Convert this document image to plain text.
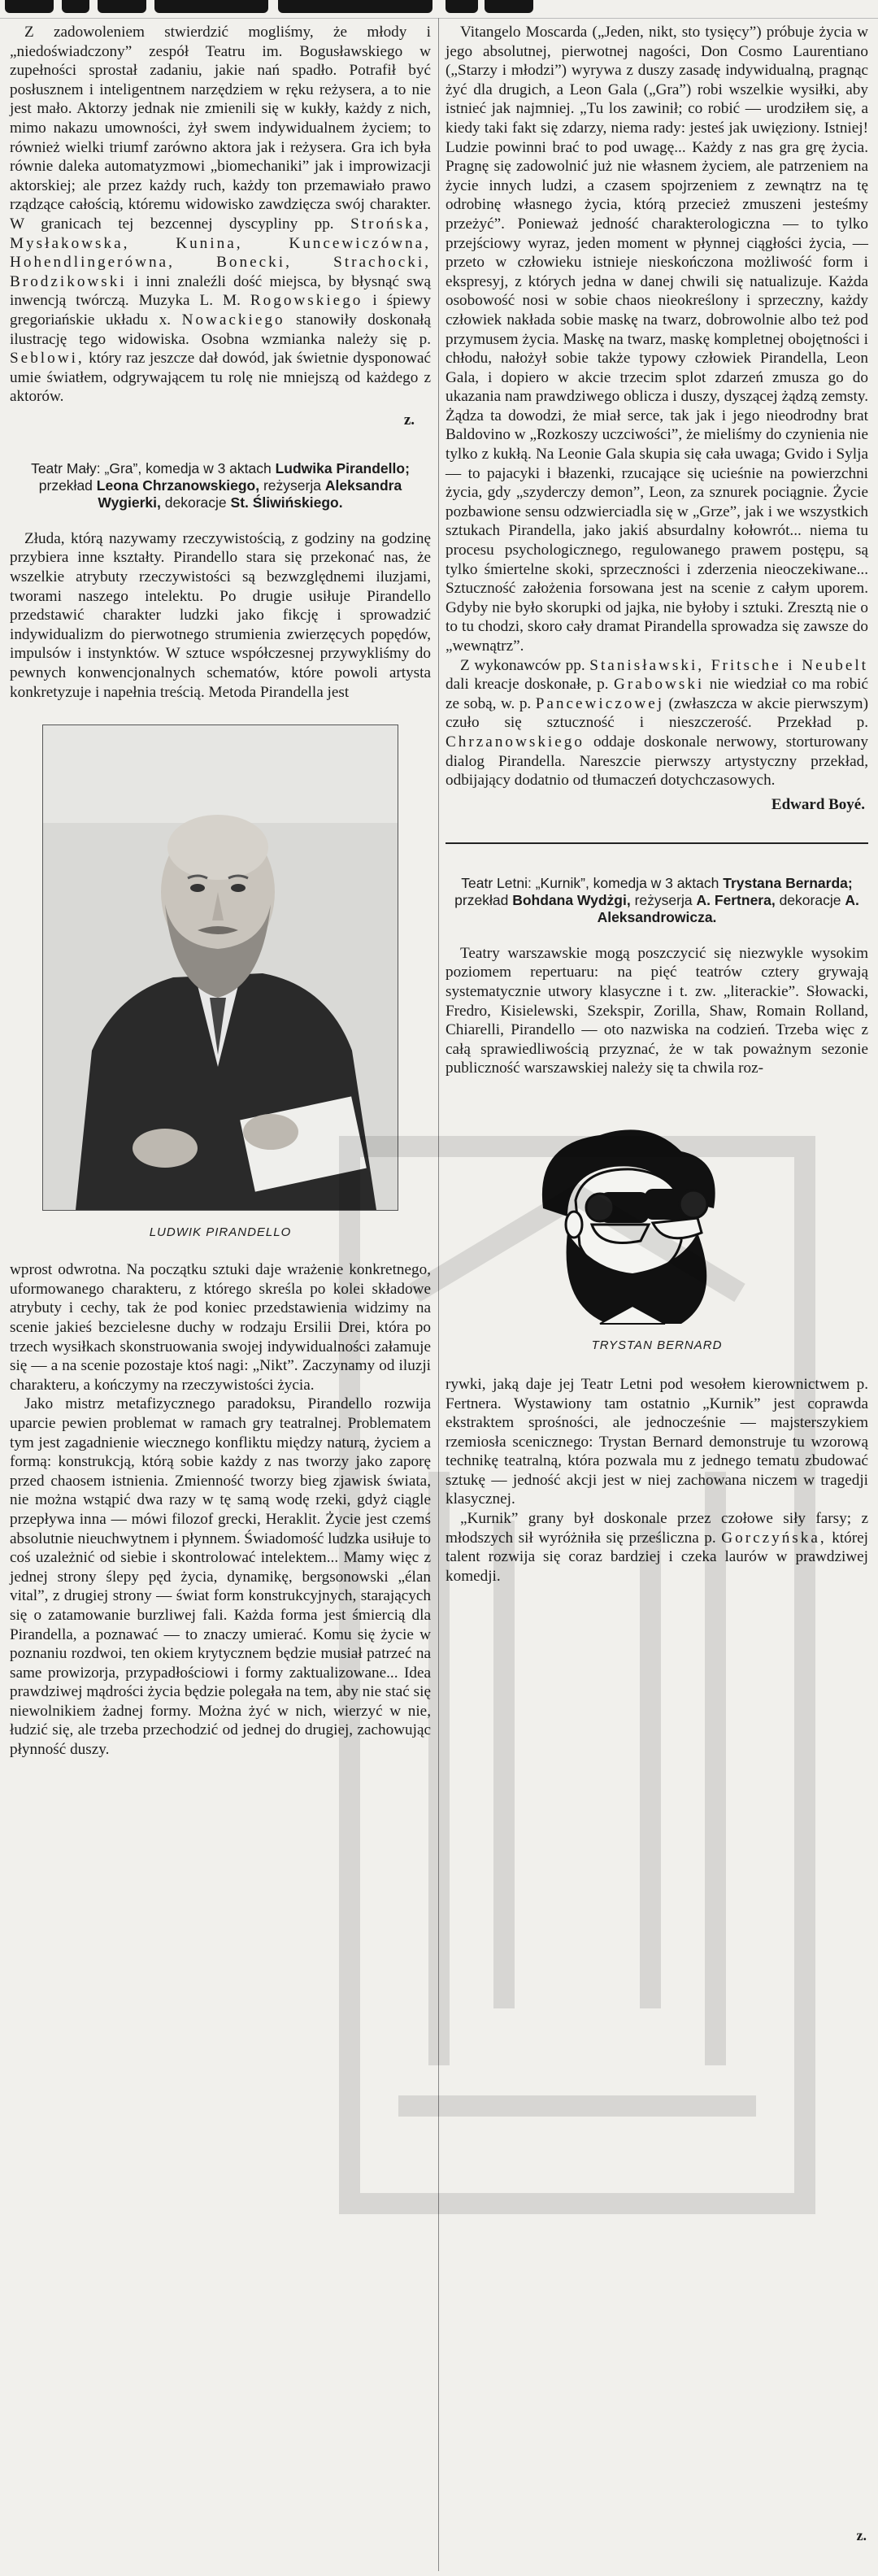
Z zadowoleniem stwierdzić mogliśmy, że młody i „niedoświadczony” zespół Teatru im. Bogusławskiego w zupełności sprostał zadaniu, jakie nań spadło. Potrafił być posłusznem i inteligentnem narzędziem w ręku reżysera, a to nie jest mało. Aktorzy jednak nie zmienili się w kukły, każdy z nich, mimo nakazu umowności, żył swem indywidualnem życiem; to również wielki triumf zarówno aktora jak i reżysera. Gra ich była równie daleka automatyzmowi „biomechaniki” jak i improwizacji aktorskiej; ale przez każdy ruch, każdy ton przemawiało prawo rządzące całością, któremu widowisko zawdzięcza swój charakter. W granicach tej bezcennej dyscypliny pp. Strońska, Mysłakowska, Kunina, Kuncewiczówna, Hohendlingerówna, Bonecki, Strachocki, Brodzikowski i inni znaleźli dość miejsca, by błysnąć swą inwencją twórczą. Muzyka L. M. Rogowskiego i śpiewy gregoriańskie układu x. Nowackiego stanowiły doskonałą ilustrację tego widowiska. Osobna wzmianka należy się p. Seblowi, który raz jeszcze dał dowód, jak świetnie dysponować umie światłem, odgrywającem tu rolę nie mniejszą od każdego z aktorów.

z.
Teatr Mały: „Gra”, komedja w 3 aktach Ludwika Pirandello; przekład Leona Chrzanowskiego, reżyserja Aleksandra Wygierki, dekoracje St. Śliwińskiego.

Złuda, którą nazywamy rzeczywistością, z godziny na godzinę przybiera inne kształty. Pirandello stara się przekonać nas, że wszelkie atrybuty rzeczywistości są bezwzględnemi iluzjami, tworami naszego intelektu. Po drugie usiłuje Pirandello przedstawić charakter ludzki jako fikcję i sprowadzić indywidualizm do pierwotnego strumienia zwierzęcych popędów, impulsów i instynktów. W sztuce współczesnej przywykliśmy do pewnych konwencjonalnych schematów, które powoli artysta konkretyzuje i napełnia treścią. Metoda Pirandella jest

LUDWIK PIRANDELLO

wprost odwrotna. Na początku sztuki daje wrażenie konkretnego, uformowanego charakteru, z którego skreśla po kolei składowe atrybuty i cechy, tak że pod koniec przedstawienia widzimy na scenie jakieś bezcielesne duchy w rodzaju Ersilii Drei, która po trzech wysiłkach skonstruowania swojej indywidualności załamuje się — a na scenie pozostaje ktoś nagi: „Nikt”. Zaczynamy od iluzji charakteru, a kończymy na rzeczywistości życia.

Jako mistrz metafizycznego paradoksu, Pirandello rozwija uparcie pewien problemat w ramach gry teatralnej. Problematem tym jest zagadnienie wiecznego konfliktu między naturą, życiem a formą: konstrukcją, którą sobie każdy z nas tworzy jako zaporę przed chaosem istnienia. Zmienność tworzy bieg zjawisk świata, nie można wstąpić dwa razy w tę samą wodę rzeki, gdyż ciągle przepływa inna — mówi filozof grecki, Heraklit. Życie jest czemś absolutnie nieuchwytnem i płynnem. Świadomość ludzka usiłuje to coś uzależnić od siebie i skontrolować intelektem... Mamy więc z jednej strony ślepy pęd życia, dynamikę, bergsonowski „élan vital”, z drugiej strony — świat form konstrukcyjnych, starających się o zatamowanie burzliwej fali. Każda forma jest śmiercią dla Pirandella, a poznawać — to znaczy umierać. Komu się życie w poznaniu rozdwoi, ten okiem krytycznem będzie musiał patrzeć na same prowizorja, przypadłościowi i formy zaktualizowane... Idea prawdziwej mądrości życia będzie polegała na tem, aby nie stać się niewolnikiem żadnej formy. Można żyć w nich, wierzyć w nie, łudzić się, ale trzeba przechodzić od jednej do drugiej, zachowując płynność duszy.

Vitangelo Moscarda („Jeden, nikt, sto tysięcy”) próbuje życia w jego absolutnej, pierwotnej nagości, Don Cosmo Laurentiano („Starzy i młodzi”) wyrywa z duszy zasadę indywidualną, pragnąc żyć dla drugich, a Leon Gala („Gra”) robi wszelkie wysiłki, aby istnieć jak najmniej. „Tu los zawinił; co robić — urodziłem się, a kiedy taki fakt się zdarzy, niema rady: jesteś jak uwięziony. Istniej! Ludzie powinni brać to pod uwagę... Każdy z nas gra grę życia. Pragnę się zadowolnić już nie własnem życiem, ale patrzeniem na życie innych ludzi, a czasem spojrzeniem z zewnątrz na tę odrobinę własnego życia, którą przecież zmuszeni jesteśmy przeżyć”. Ponieważ jedność charakterologiczna — to tylko przejściowy wyraz, jeden moment w płynnej ciągłości życia, — przeto w człowieku istnieje nieskończona możliwość form i ekspresyj, z których jedna w danej chwili się natualizuje. Każda osobowość nosi w sobie chaos nieokreślony i sprzeczny, każdy człowiek nakłada sobie maskę na twarz, dobrowolnie albo też pod przymusem życia. Maskę na twarz, maskę kompletnej obojętności i chłodu, nałożył sobie także typowy człowiek Pirandella, Leon Gala, i dopiero w akcie trzecim splot zdarzeń zmusza go do ukazania nam prawdziwego oblicza i duszy, dyszącej żądzą zemsty. Żądza ta dowodzi, że miał serce, tak jak i jego nieodrodny brat Baldovino w „Rozkoszy uczciwości”, że mieliśmy do czynienia nie tylko z kukłą. Na Leonie Gala skupia się cała uwaga; Gvido i Sylja — to pajacyki i błazenki, rzucające się ucieśnie na powierzchni życia, gdy „szyderczy demon”, Leon, za sznurek pociągnie. Życie pozbawione sensu odzwierciadla się w „Grze”, jak i we wszystkich sztukach Pirandella, jako jakiś absurdalny kołowrót... niema tu procesu psychologicznego, regulowanego prawem postępu, są tylko śmiertelne skoki, sprzeczności i zderzenia nieoczekiwane... Sztuczność założenia forsowana jest na scenie z całym uporem. Gdyby nie było skorupki od jajka, nie byłoby i sztuki. Zresztą nie o to tu chodzi, skoro cały dramat Pirandella sprowadza się zawsze do „wewnątrz”.

Z wykonawców pp. Stanisławski, Fritsche i Neubelt dali kreacje doskonałe, p. Grabowski nie wiedział co ma robić ze sobą, w. p. Pancewiczowej (zwłaszcza w akcie pierwszym) czuło się sztuczność i nieszczerość. Przekład p. Chrzanowskiego oddaje doskonale nerwowy, storturowany dialog Pirandella. Nareszcie pierwszy artystyczny przekład, odbijający dodatnio od tłumaczeń dotychczasowych.

Edward Boyé.
Teatr Letni: „Kurnik”, komedja w 3 aktach Trystana Bernarda; przekład Bohdana Wydżgi, reżyserja A. Fertnera, dekoracje A. Aleksandrowicza.

Teatry warszawskie mogą poszczycić się niezwykle wysokim poziomem repertuaru: na pięć teatrów cztery grywają systematycznie utwory klasyczne i t. zw. „literackie”. Słowacki, Fredro, Kisielewski, Szekspir, Zorilla, Shaw, Romain Rolland, Chiarelli, Pirandello — oto nazwiska na codzień. Trzeba więc z całą sprawiedliwością przyznać, że w tak poważnym sezonie publiczność warszawskiej należy się ta chwila roz-

TRYSTAN BERNARD

rywki, jaką daje jej Teatr Letni pod wesołem kierownictwem p. Fertnera. Wystawiony tam ostatnio „Kurnik” jest coprawda ekstraktem sprośności, ale jednocześnie — majsterszykiem rzemiosła scenicznego: Trystan Bernard demonstruje tu wzorową technikę teatralną, która pozwala mu z jednego tematu zbudować sztukę — jedność akcji jest w niej zachowana niczem w tragedji klasycznej.

„Kurnik” grany był doskonale przez czołowe siły farsy; z młodszych sił wyróżniła się prześliczna p. Gorczyńska, której talent rozwija się coraz bardziej i czeka laurów w prawdziwej komedji.

z.
